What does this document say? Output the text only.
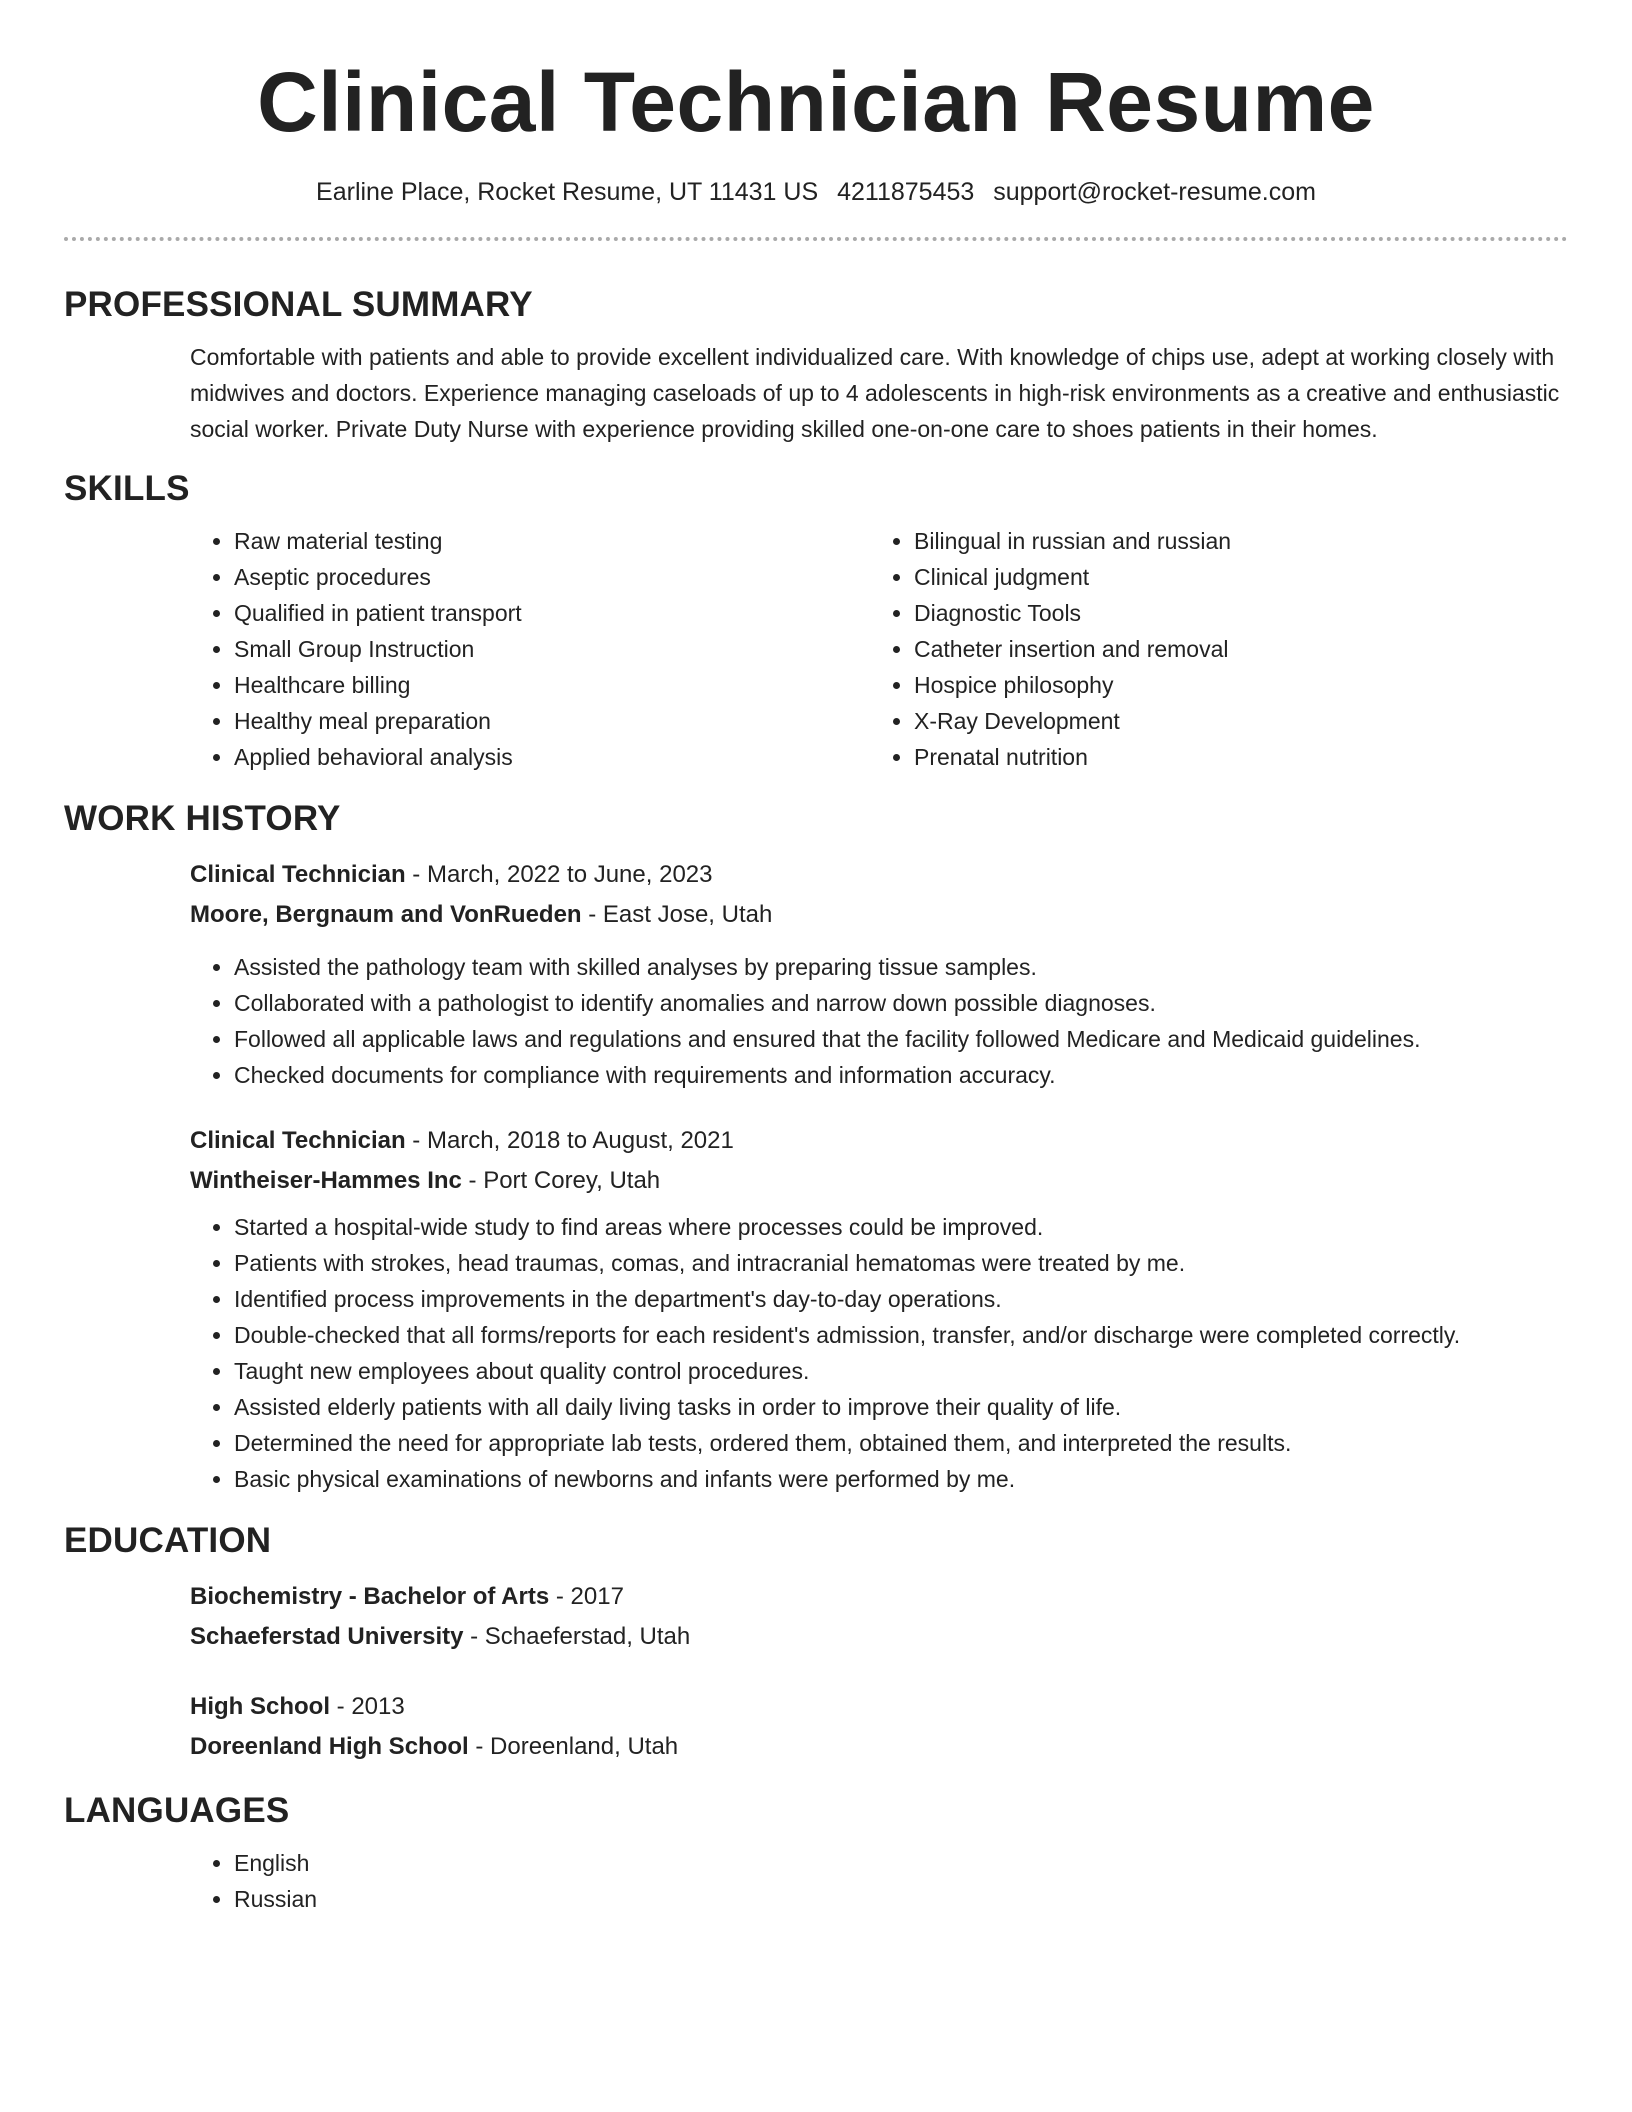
Clinical Technician Resume
Earline Place, Rocket Resume, UT 11431 US 4211875453 support@rocket-resume.com
PROFESSIONAL SUMMARY
Comfortable with patients and able to provide excellent individualized care. With knowledge of chips use, adept at working closely with midwives and doctors. Experience managing caseloads of up to 4 adolescents in high-risk environments as a creative and enthusiastic social worker. Private Duty Nurse with experience providing skilled one-on-one care to shoes patients in their homes.
SKILLS
• Raw material testing
• Aseptic procedures
• Qualified in patient transport
• Small Group Instruction
• Healthcare billing
• Healthy meal preparation
• Applied behavioral analysis
• Bilingual in russian and russian
• Clinical judgment
• Diagnostic Tools
• Catheter insertion and removal
• Hospice philosophy
• X-Ray Development
• Prenatal nutrition
WORK HISTORY
Clinical Technician - March, 2022 to June, 2023
Moore, Bergnaum and VonRueden - East Jose, Utah
• Assisted the pathology team with skilled analyses by preparing tissue samples.
• Collaborated with a pathologist to identify anomalies and narrow down possible diagnoses.
• Followed all applicable laws and regulations and ensured that the facility followed Medicare and Medicaid guidelines.
• Checked documents for compliance with requirements and information accuracy.
Clinical Technician - March, 2018 to August, 2021
Wintheiser-Hammes Inc - Port Corey, Utah
• Started a hospital-wide study to find areas where processes could be improved.
• Patients with strokes, head traumas, comas, and intracranial hematomas were treated by me.
• Identified process improvements in the department's day-to-day operations.
• Double-checked that all forms/reports for each resident's admission, transfer, and/or discharge were completed correctly.
• Taught new employees about quality control procedures.
• Assisted elderly patients with all daily living tasks in order to improve their quality of life.
• Determined the need for appropriate lab tests, ordered them, obtained them, and interpreted the results.
• Basic physical examinations of newborns and infants were performed by me.
EDUCATION
Biochemistry - Bachelor of Arts - 2017
Schaeferstad University - Schaeferstad, Utah
High School - 2013
Doreenland High School - Doreenland, Utah
LANGUAGES
• English
• Russian
